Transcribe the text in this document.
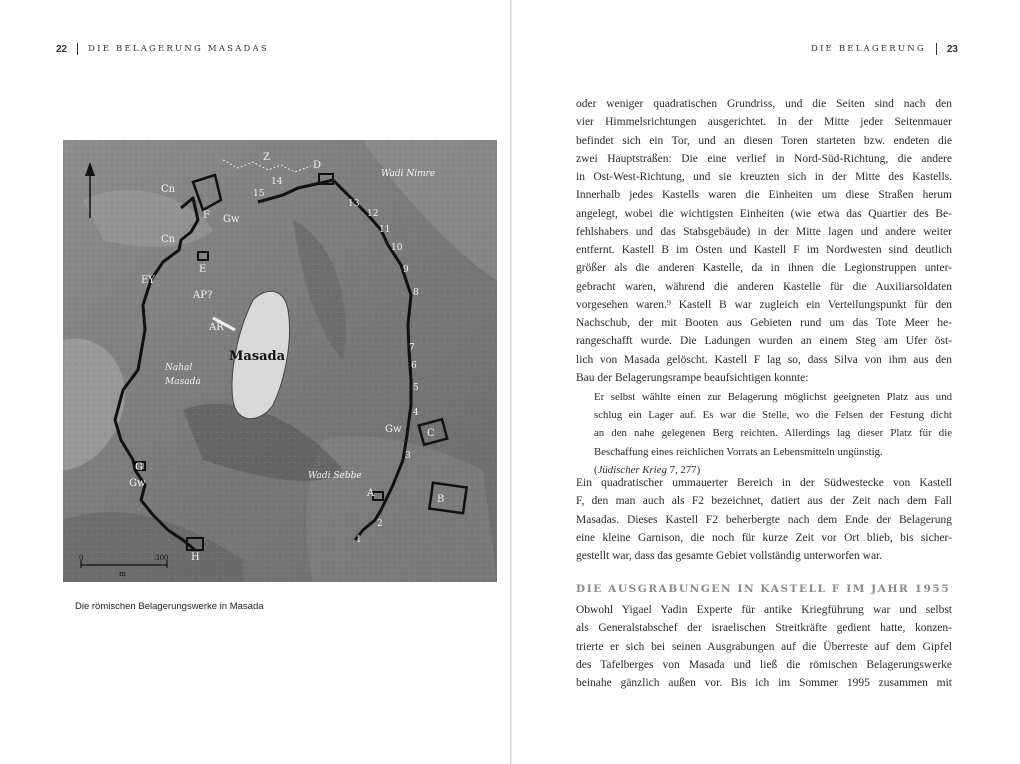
22 DIE BELAGERUNG MASADAS
Z
D
Wadi Nimre
Cn
Cn
F Gw
E
EY
AP?
AR
Masada
Nahal
Masada
Wadi Sebbe
G
Gw
Gw	C
A
B
H
1
2
3
4
5
6
7
8
9
10
11
12
13
14
15
0	300
m
Die römischen Belagerungswerke in Masada
DIE BELAGERUNG 23
oder weniger quadratischen Grundriss, und die Seiten sind nach den
vier Himmelsrichtungen ausgerichtet. In der Mitte jeder Seitenmauer
befindet sich ein Tor, und an diesen Toren starteten bzw. endeten die
zwei Hauptstraßen: Die eine verlief in Nord-Süd-Richtung, die andere
in Ost-West-Richtung, und sie kreuzten sich in der Mitte des Kastells.
Innerhalb jedes Kastells waren die Einheiten um diese Straßen herum
angelegt, wobei die wichtigsten Einheiten (wie etwa das Quartier des Be-
fehlshabers und das Stabsgebäude) in der Mitte lagen und andere weiter
entfernt. Kastell B im Osten und Kastell F im Nordwesten sind deutlich
größer als die anderen Kastelle, da in ihnen die Legionstruppen unter-
gebracht waren, während die anderen Kastelle für die Auxiliarsoldaten
vorgesehen waren.⁹ Kastell B war zugleich ein Verteilungspunkt für den
Nachschub, der mit Booten aus Gebieten rund um das Tote Meer he-
rangeschafft wurde. Die Ladungen wurden an einem Steg am Ufer öst-
lich von Masada gelöscht. Kastell F lag so, dass Silva von ihm aus den
Bau der Belagerungsrampe beaufsichtigen konnte:
Er selbst wählte einen zur Belagerung möglichst geeigneten Platz aus und
schlug ein Lager auf. Es war die Stelle, wo die Felsen der Festung dicht
an den nahe gelegenen Berg reichten. Allerdings lag dieser Platz für die
Beschaffung eines reichlichen Vorrats an Lebensmitteln ungünstig.
(Jüdischer Krieg 7, 277)
Ein quadratischer ummauerter Bereich in der Südwestecke von Kastell
F, den man auch als F2 bezeichnet, datiert aus der Zeit nach dem Fall
Masadas. Dieses Kastell F2 beherbergte nach dem Ende der Belagerung
eine kleine Garnison, die noch für kurze Zeit vor Ort blieb, bis sicher-
gestellt war, dass das gesamte Gebiet vollständig unterworfen war.
DIE AUSGRABUNGEN IN KASTELL F IM JAHR 1955
Obwohl Yigael Yadin Experte für antike Kriegführung war und selbst
als Generalstabschef der israelischen Streitkräfte gedient hatte, konzen-
trierte er sich bei seinen Ausgrabungen auf die Überreste auf dem Gipfel
des Tafelberges von Masada und ließ die römischen Belagerungswerke
beinahe gänzlich außen vor. Bis ich im Sommer 1995 zusammen mit
